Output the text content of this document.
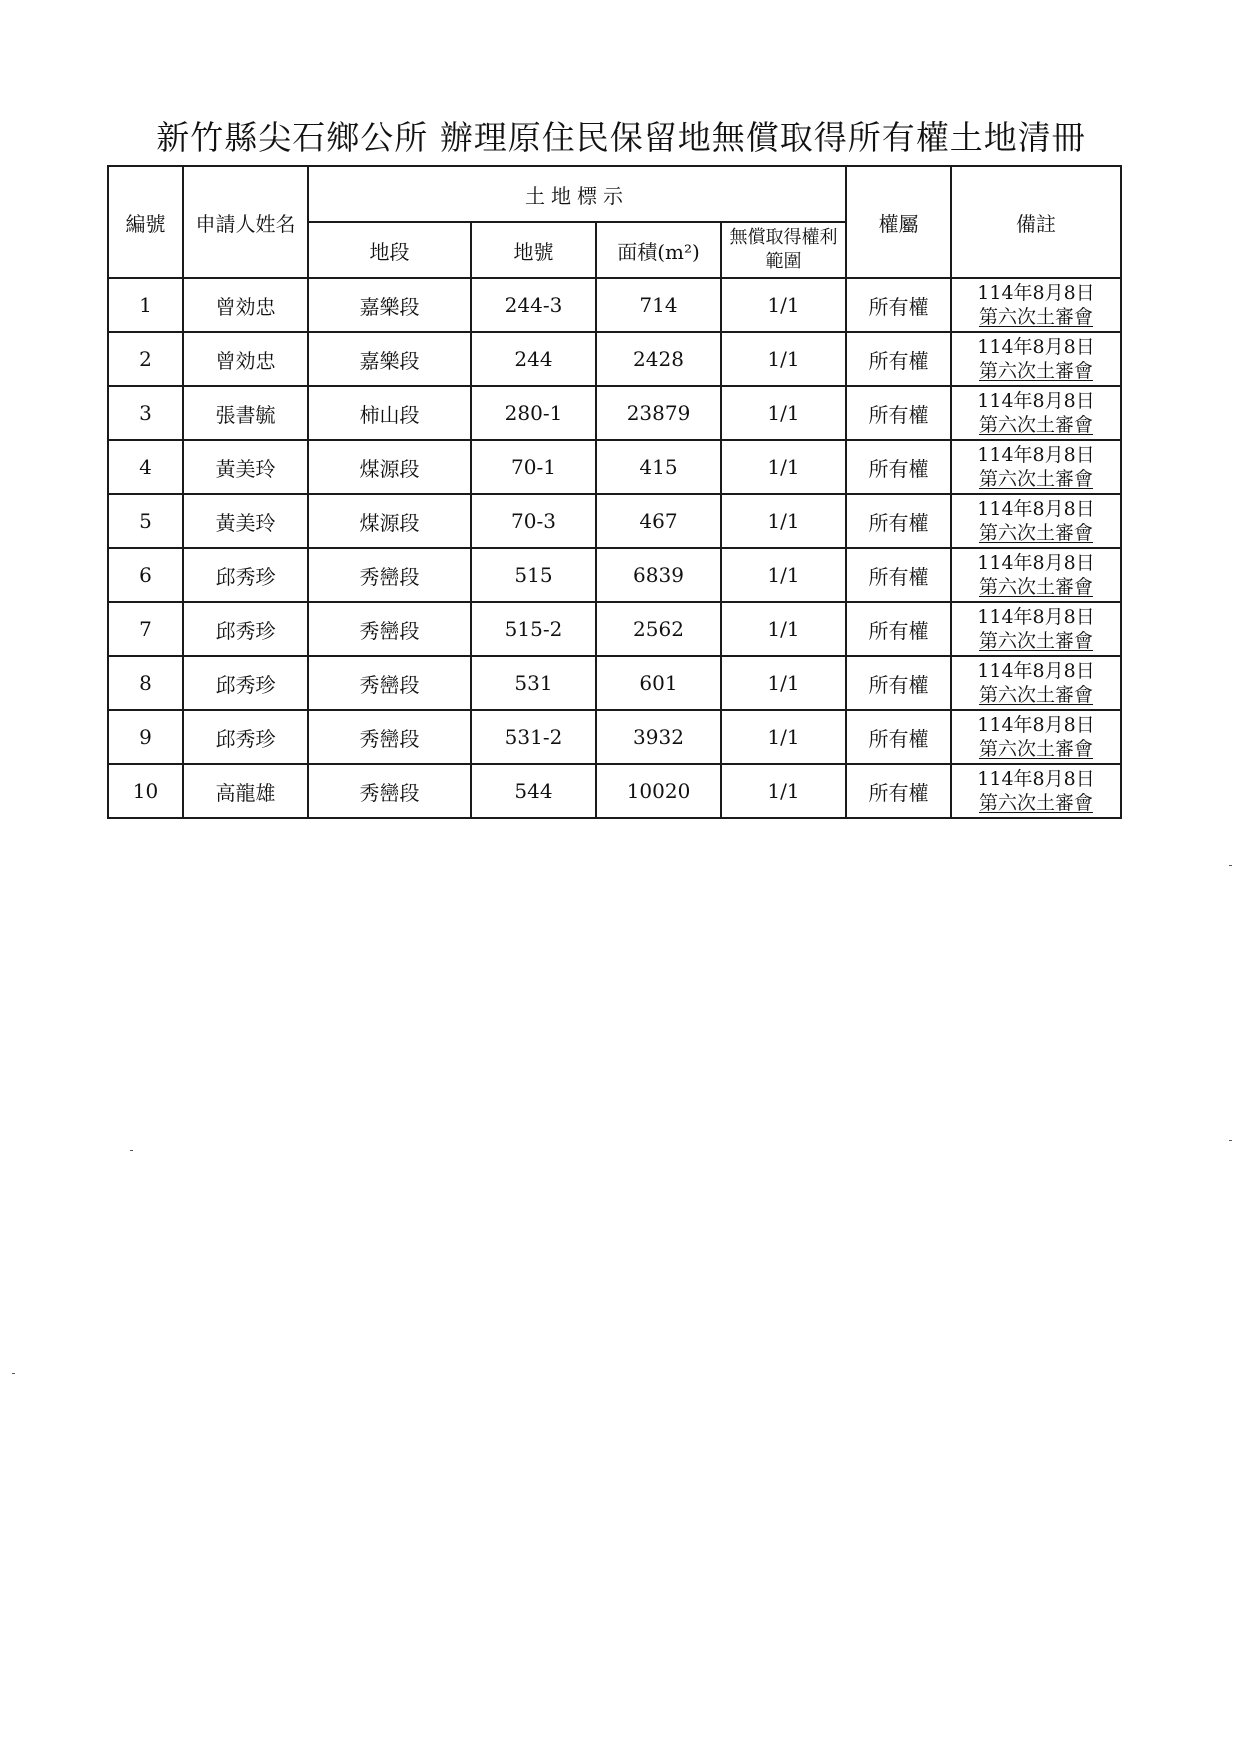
新竹縣尖石鄉公所 辦理原住民保留地無償取得所有權土地清冊
編號	申請人姓名	土地標示				權屬	備註
		地段	地號	面積(m²)	無償取得權利範圍		
1	曾効忠	嘉樂段	244-3	714	1/1	所有權	114年8月8日
第六次土審會

2	曾効忠	嘉樂段	244	2428	1/1	所有權	114年8月8日
第六次土審會

3	張書毓	柿山段	280-1	23879	1/1	所有權	114年8月8日
第六次土審會

4	黃美玲	煤源段	70-1	415	1/1	所有權	114年8月8日
第六次土審會

5	黃美玲	煤源段	70-3	467	1/1	所有權	114年8月8日
第六次土審會

6	邱秀珍	秀巒段	515	6839	1/1	所有權	114年8月8日
第六次土審會

7	邱秀珍	秀巒段	515-2	2562	1/1	所有權	114年8月8日
第六次土審會

8	邱秀珍	秀巒段	531	601	1/1	所有權	114年8月8日
第六次土審會

9	邱秀珍	秀巒段	531-2	3932	1/1	所有權	114年8月8日
第六次土審會

10	高龍雄	秀巒段	544	10020	1/1	所有權	114年8月8日
第六次土審會
